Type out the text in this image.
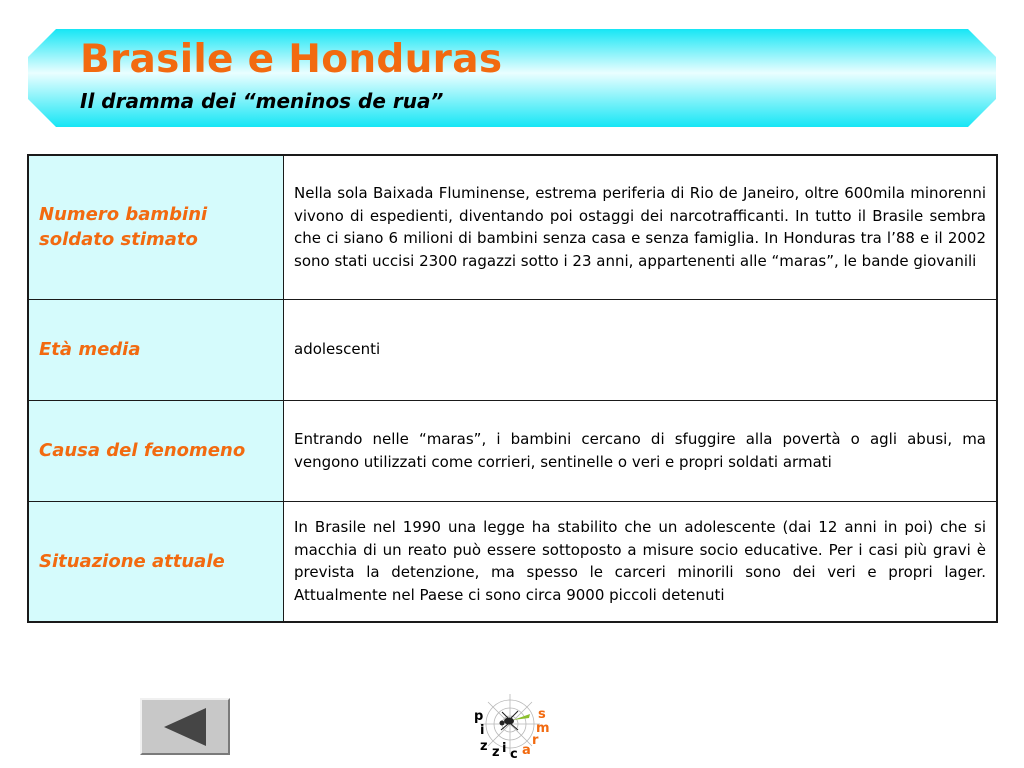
Brasile e Honduras
Il dramma dei “meninos de rua”
Numero bambini soldato stimato	Nella sola Baixada Fluminense, estrema periferia di Rio de Janeiro, oltre 600mila minorenni vivono di espedienti, diventando poi ostaggi dei narcotrafficanti. In tutto il Brasile sembra che ci siano 6 milioni di bambini senza casa e senza famiglia. In Honduras tra l’88 e il 2002 sono stati uccisi 2300 ragazzi sotto i 23 anni, appartenenti alle “maras”, le bande giovanili

Età media	adolescenti

Causa del fenomeno	Entrando nelle “maras”, i bambini cercano di sfuggire alla povertà o agli abusi, ma vengono utilizzati come corrieri, sentinelle o veri e propri soldati armati

Situazione attuale	In Brasile nel 1990 una legge ha stabilito che un adolescente (dai 12 anni in poi) che si macchia di un reato può essere sottoposto a misure socio educative. Per i casi più gravi è prevista la detenzione, ma spesso le carceri minorili sono dei veri e propri lager. Attualmente nel Paese ci sono circa 9000 piccoli detenuti
p
i
z z i c a
r
m
s
